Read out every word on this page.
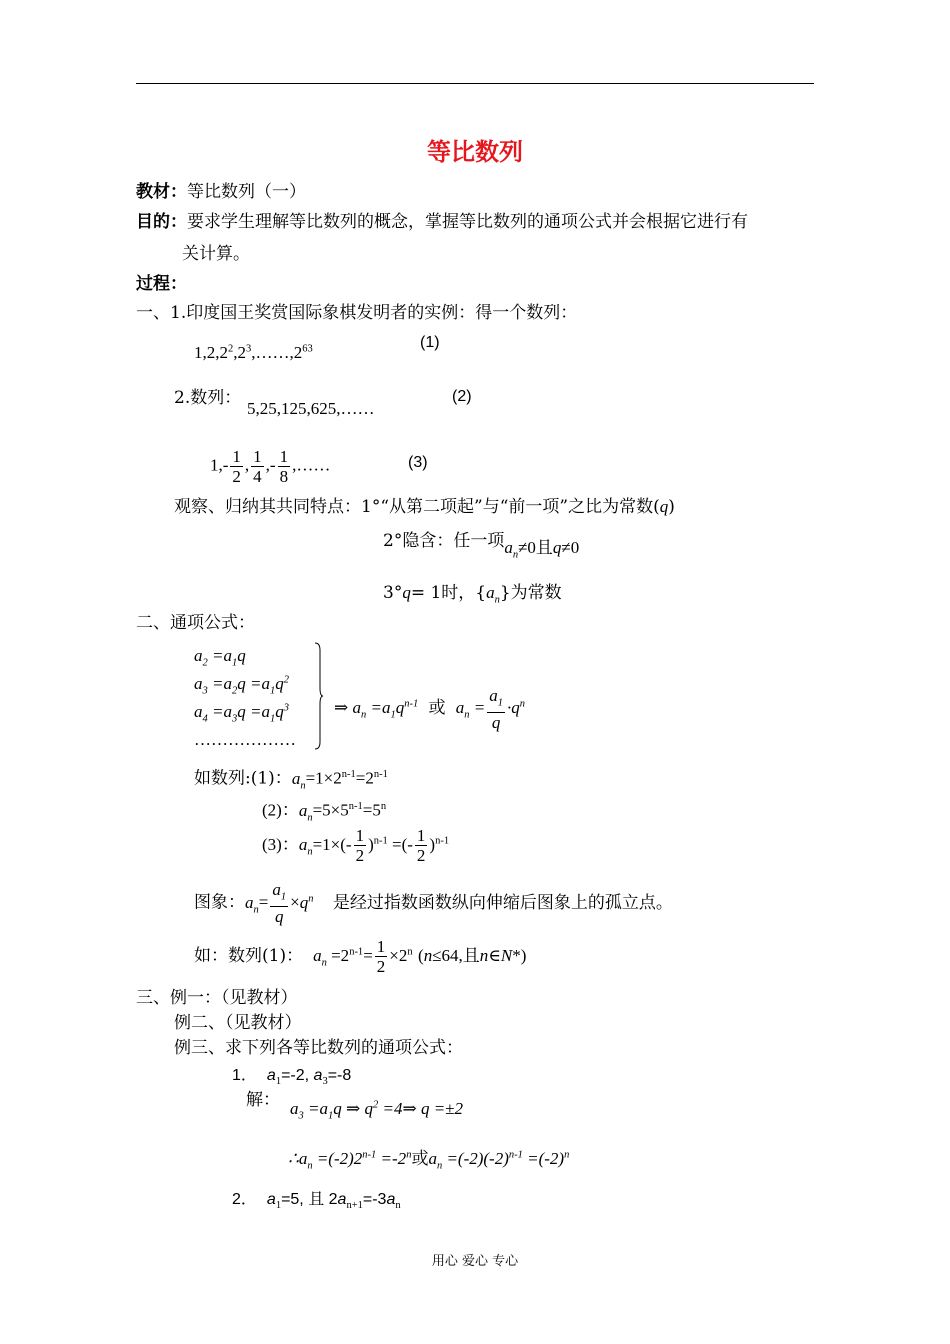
等比数列
教材：等比数列（一）
目的：要求学生理解等比数列的概念，掌握等比数列的通项公式并会根据它进行有
关计算。
过程：
一、1.印度国王奖赏国际象棋发明者的实例：得一个数列：
$1,2,2^2,2^3,\dots\dots,2^{63}$	(1)
2.数列：
5,25,125,625,……
(2)
$1,- \frac{1}{2}$ , $\frac{1}{4}$ ,- $\frac{1}{8}$ ,……	(3)
观察、归纳其共同特点：1°“从第二项起”与“前一项”之比为常数(q)
2°隐含：任一项$a_n\ne 0$且q≠0
3°q= 1时，$\{a_n\}$为常数
二、通项公式：
$a_2 =a_1q$
$a_3 =a_2q =a_1q^2$
$a_4 =a_3q =a_1q^3$
………………
⇒ $a_n =a_1q^{n-1}$ 或 $a_n = \frac{a_1}{q} \cdot q^n$
如数列:(1)：$a_n=1\times 2^{n-1}=2^{n-1}$
(2)：$a_n=5\times 5^{n-1}=5^n$
(3)：$a_n=1\times(- \frac{1}{2} )^{n-1}$ =(- $\frac{1}{2} )^{n-1}$
图象：$a_n= \frac{a_1}{q} \times q^n$ 是经过指数函数纵向伸缩后图象上的孤立点。
如：数列(1)： $a_n =2^{n-1}= \frac{1}{2} \times 2^n$ (n≤64,且n∈N*)
三、例一：（见教材）
例二、（见教材）
例三、求下列各等比数列的通项公式：
1． $a_1=-2$, $a_3=-8$
解： $a_3 =a_1q$ ⇒ $q^2$ =4⇒ q =±2
$\therefore a_n =(-2)2^{n-1} =-2^n$或$a_n =(-2)(-2)^{n-1} =(-2)^n$
2． $a_1=5$, 且 $2a_{n+1}=-3a_n$
用心 爱心 专心
